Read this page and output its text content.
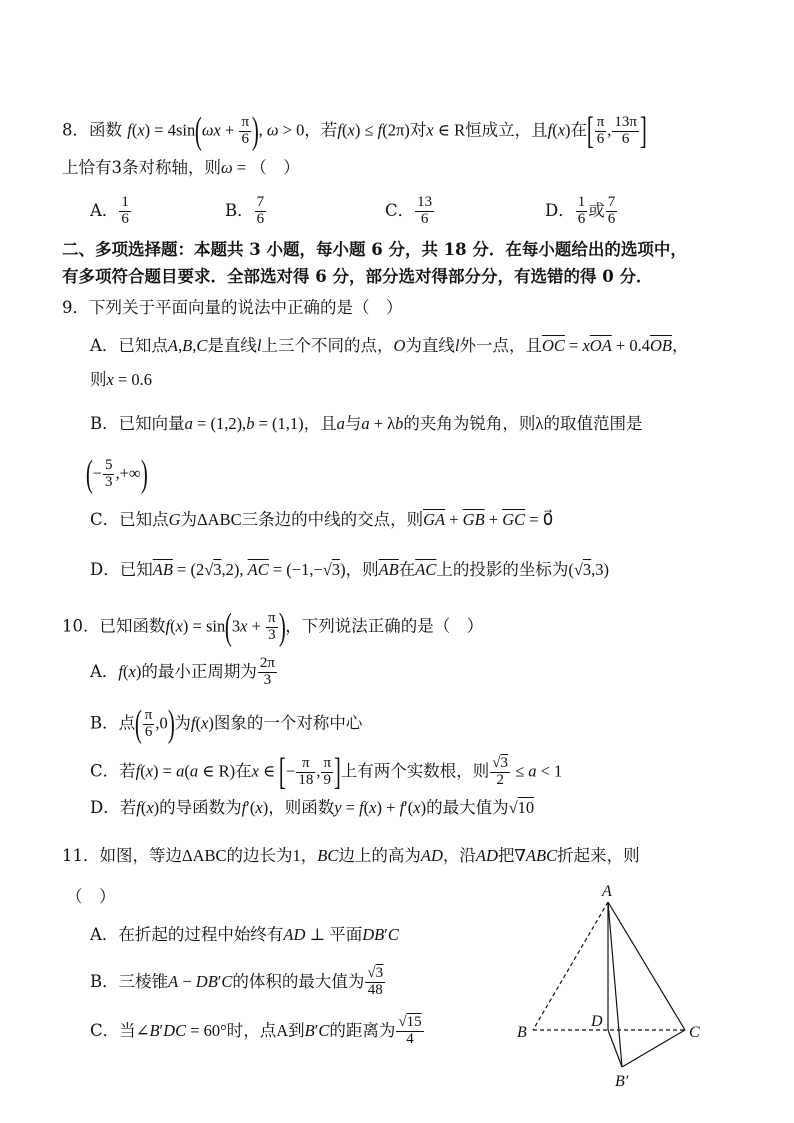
8．函数 $f(x) = 4\sin(\omega x + \frac{\pi}{6}$ ), ω > 0，若f(x) ≤ f(2π)对x ∈ R恒成立，且f(x)在[ $\frac{\pi}{6}$ , $\frac{13\pi}{6}$ ]
上恰有3条对称轴，则ω = （　）
A． $\frac{1}{6}$	B． $\frac{7}{6}$	C． $\frac{13}{6}$	D． $\frac{1}{6}$ 或 $\frac{7}{6}$
二、多项选择题：本题共 3 小题，每小题 6 分，共 18 分．在每小题给出的选项中，
有多项符合题目要求．全部选对得 6 分，部分选对得部分分，有选错的得 0 分．
9．下列关于平面向量的说法中正确的是（　）
A．已知点A,B,C是直线l上三个不同的点，O为直线l外一点，且$\overline{OC} = x\overline{OA} + 0.4\overline{OB}$，
则x = 0.6
B．已知向量a = (1,2),b = (1,1)，且a与a + λb的夹角为锐角，则λ的取值范围是
(− $\frac{5}{3}$ ,+∞)
C．已知点G为ΔABC三条边的中线的交点，则$\overline{GA} + \overline{GB} + \overline{GC}$ = 0⃗
D．已知$\overline{AB} = (2√3,2)$, $\overline{AC} = (-1,-√3)$，则$\overline{AB}$在$\overline{AC}$上的投影的坐标为(√3,3)
10．已知函数$f(x) = \sin(3x + \frac{\pi}{3}$ )，下列说法正确的是（　）
A．f(x)的最小正周期为 $\frac{2\pi}{3}$
B．点( $\frac{\pi}{6} ,0$)为f(x)图象的一个对称中心
C．若f(x) = a(a ∈ R)在x ∈ [− $\frac{\pi}{18}$ , $\frac{\pi}{9}$ ]上有两个实数根，则 $\frac{√3}{2} \le a < 1$
D．若f(x)的导函数为f′(x)，则函数y = f(x) + f′(x)的最大值为√10
11．如图，等边ΔABC的边长为1，BC边上的高为AD，沿AD把∇ABC折起来，则
（　）
A．在折起的过程中始终有AD ⊥ 平面DB′C
B．三棱锥A − DB′C的体积的最大值为 $\frac{√3}{48}$
C．当∠B′DC = 60°时，点A到B′C的距离为 $\frac{√15}{4}$
A
B	C
D
B′
